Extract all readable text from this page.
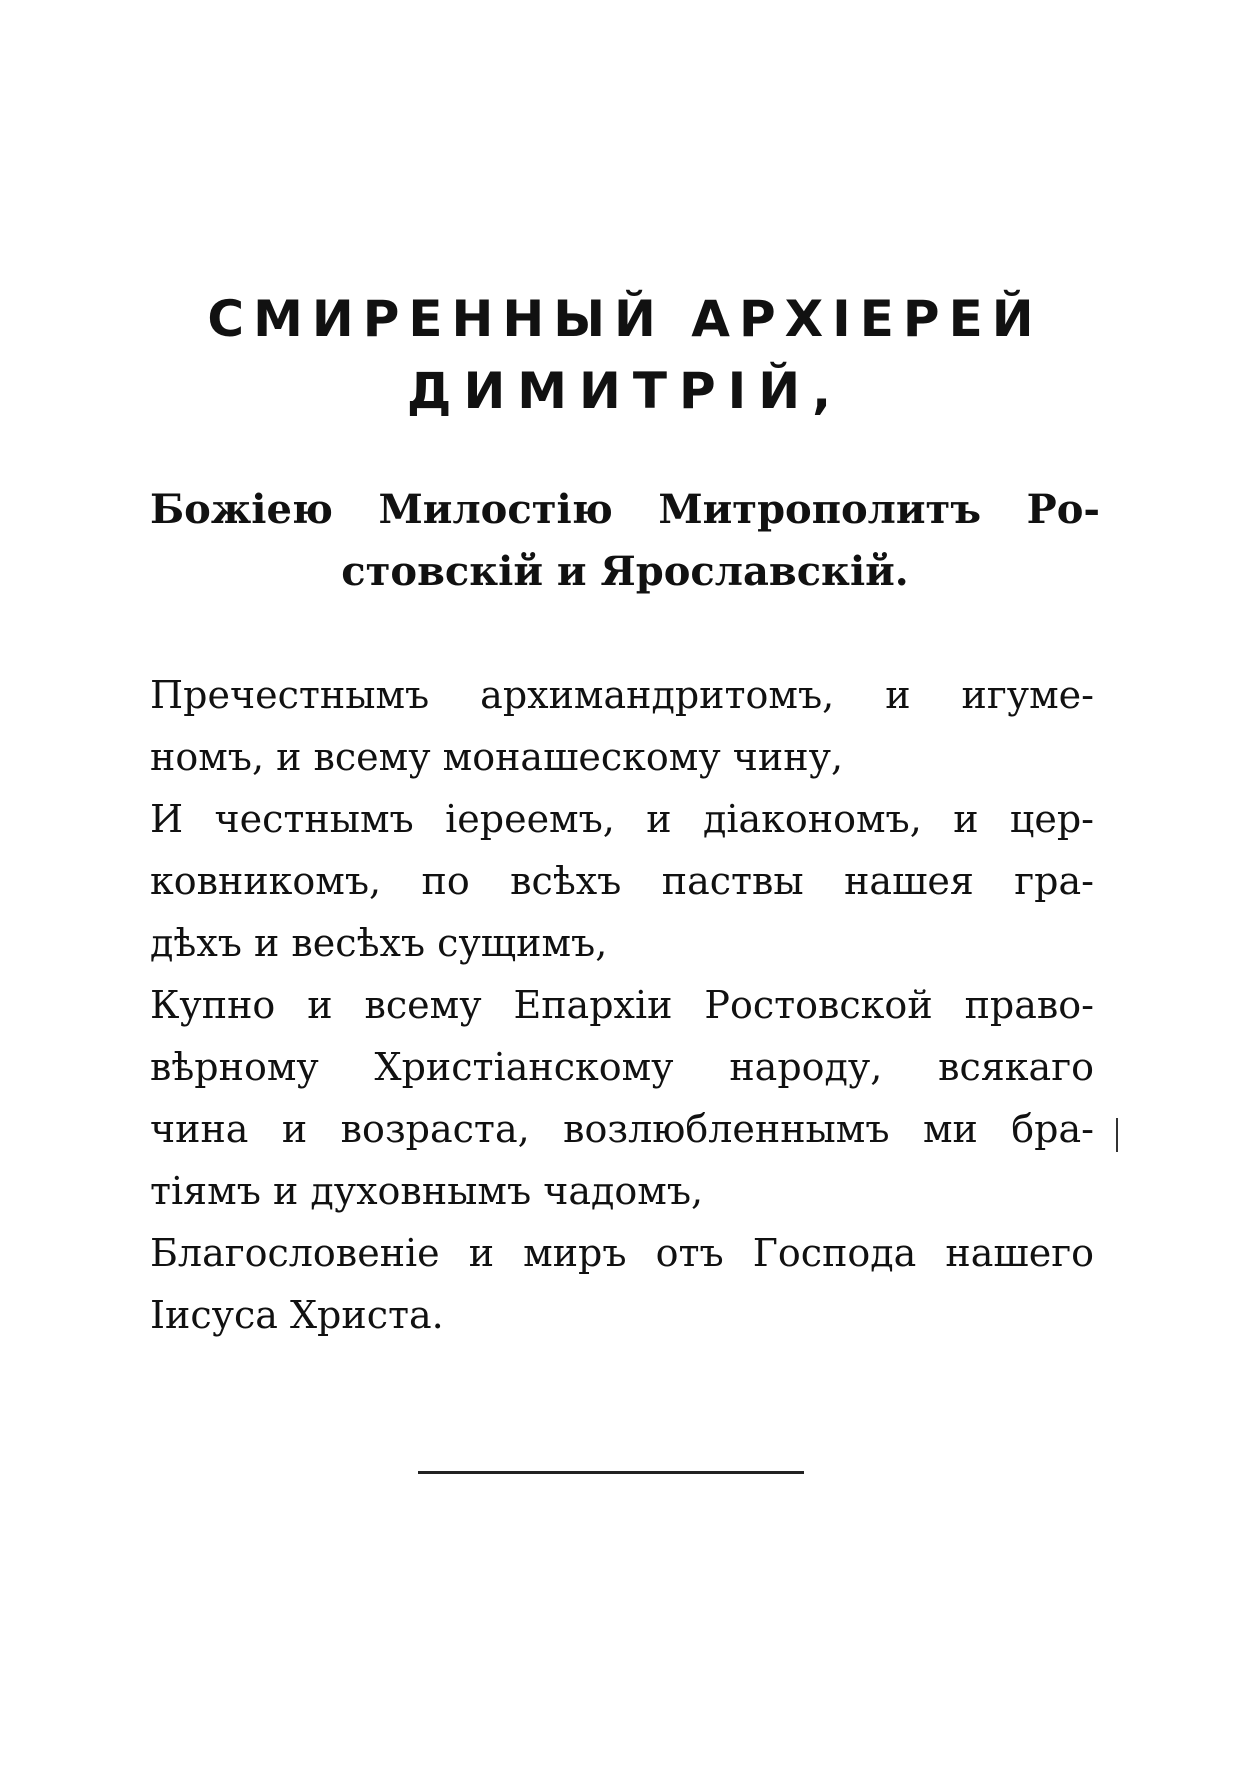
СМИРЕННЫЙ АРХІЕРЕЙ
ДИМИТРІЙ,

Божіею Милостію Митрополитъ Ро-

стовскій и Ярославскій.

Пречестнымъ архимандритомъ, и игуме-

номъ, и всему монашескому чину,

И честнымъ іереемъ, и діакономъ, и цер-

ковникомъ, по всѣхъ паствы нашея гра-

дѣхъ и весѣхъ сущимъ,

Купно и всему Епархіи Ростовской право-

вѣрному Христіанскому народу, всякаго

чина и возраста, возлюбленнымъ ми бра-

тіямъ и духовнымъ чадомъ,

Благословеніе и миръ отъ Господа нашего

Іисуса Христа.
